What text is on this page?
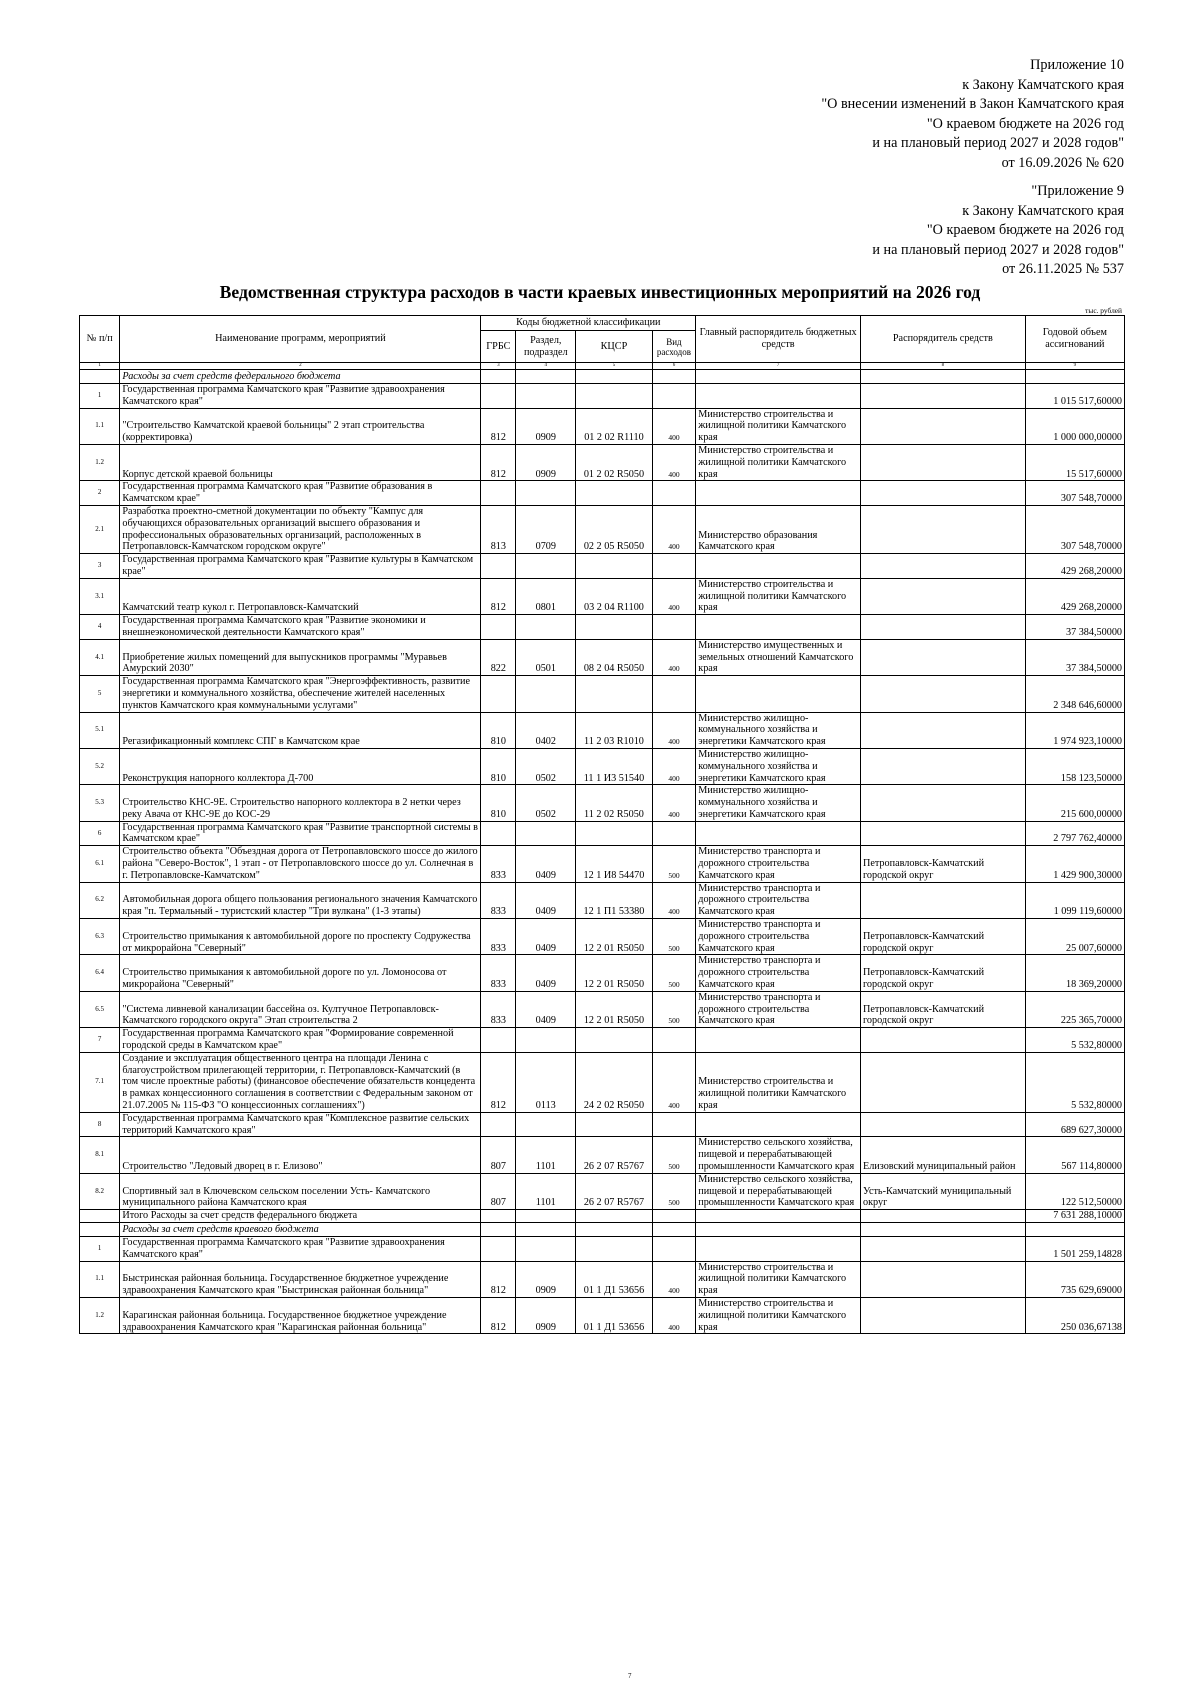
Приложение 10
к Закону Камчатского края
"О внесении изменений в Закон Камчатского края
"О краевом бюджете на 2026 год
и на плановый период 2027 и 2028 годов"
от 16.09.2026 № 620
"Приложение 9
к Закону Камчатского края
"О краевом бюджете на 2026 год
и на плановый период 2027 и 2028 годов"
от 26.11.2025 № 537
Ведомственная структура расходов в части краевых инвестиционных мероприятий на 2026 год
тыс. рублей
№ п/п	Наименование программ, мероприятий	Коды бюджетной классификации				Главный распорядитель бюджетных средств	Распорядитель средств	Годовой объем ассигнований
		ГРБС	Раздел, подраздел	КЦСР	Вид расходов			
1	2	3	4	5	6	7	8	9
	Расходы за счет средств федерального бюджета							
1	Государственная программа Камчатского края "Развитие здравоохранения Камчатского края"							1 015 517,60000
1.1	"Строительство Камчатской краевой больницы" 2 этап строительства (корректировка)	812	0909	01 2 02 R1110	400	Министерство строительства и жилищной политики Камчатского края		1 000 000,00000
1.2	Корпус детской краевой больницы	812	0909	01 2 02 R5050	400	Министерство строительства и жилищной политики Камчатского края		15 517,60000
2	Государственная программа Камчатского края "Развитие образования в Камчатском крае"							307 548,70000
2.1	Разработка проектно-сметной документации по объекту "Кампус для обучающихся образовательных организаций высшего образования и профессиональных образовательных организаций, расположенных в Петропавловск-Камчатском городском округе"	813	0709	02 2 05 R5050	400	Министерство образования Камчатского края		307 548,70000
3	Государственная программа Камчатского края "Развитие культуры в Камчатском крае"							429 268,20000
3.1	Камчатский театр кукол г. Петропавловск-Камчатский	812	0801	03 2 04 R1100	400	Министерство строительства и жилищной политики Камчатского края		429 268,20000
4	Государственная программа Камчатского края "Развитие экономики и внешнеэкономической деятельности Камчатского края"							37 384,50000
4.1	Приобретение жилых помещений для выпускников программы "Муравьев Амурский 2030"	822	0501	08 2 04 R5050	400	Министерство имущественных и земельных отношений Камчатского края		37 384,50000
5	Государственная программа Камчатского края "Энергоэффективность, развитие энергетики и коммунального хозяйства, обеспечение жителей населенных пунктов Камчатского края коммунальными услугами"							2 348 646,60000
5.1	Регазификационный комплекс СПГ в Камчатском крае	810	0402	11 2 03 R1010	400	Министерство жилищно-коммунального хозяйства и энергетики Камчатского края		1 974 923,10000
5.2	Реконструкция напорного коллектора Д-700	810	0502	11 1 И3 51540	400	Министерство жилищно-коммунального хозяйства и энергетики Камчатского края		158 123,50000
5.3	Строительство КНС-9Е. Строительство напорного коллектора в 2 нетки через реку Авача от КНС-9Е до КОС-29	810	0502	11 2 02 R5050	400	Министерство жилищно-коммунального хозяйства и энергетики Камчатского края		215 600,00000
6	Государственная программа Камчатского края "Развитие транспортной системы в Камчатском крае"							2 797 762,40000
6.1	Строительство объекта "Объездная дорога от Петропавловского шоссе до жилого района "Северо-Восток", 1 этап - от Петропавловского шоссе до ул. Солнечная в г. Петропавловске-Камчатском"	833	0409	12 1 И8 54470	500	Министерство транспорта и дорожного строительства Камчатского края	Петропавловск-Камчатский городской округ	1 429 900,30000
6.2	Автомобильная дорога общего пользования регионального значения Камчатского края "п. Термальный - туристский кластер "Три вулкана" (1-3 этапы)	833	0409	12 1 П1 53380	400	Министерство транспорта и дорожного строительства Камчатского края		1 099 119,60000
6.3	Строительство примыкания к автомобильной дороге по проспекту Содружества от микрорайона "Северный"	833	0409	12 2 01 R5050	500	Министерство транспорта и дорожного строительства Камчатского края	Петропавловск-Камчатский городской округ	25 007,60000
6.4	Строительство примыкания к автомобильной дороге по ул. Ломоносова от микрорайона "Северный"	833	0409	12 2 01 R5050	500	Министерство транспорта и дорожного строительства Камчатского края	Петропавловск-Камчатский городской округ	18 369,20000
6.5	"Система ливневой канализации бассейна оз. Култучное Петропавловск-Камчатского городского округа" Этап строительства 2	833	0409	12 2 01 R5050	500	Министерство транспорта и дорожного строительства Камчатского края	Петропавловск-Камчатский городской округ	225 365,70000
7	Государственная программа Камчатского края "Формирование современной городской среды в Камчатском крае"							5 532,80000
7.1	Создание и эксплуатация общественного центра на площади Ленина с благоустройством прилегающей территории, г. Петропавловск-Камчатский (в том числе проектные работы) (финансовое обеспечение обязательств концедента в рамках концессионного соглашения в соответствии с Федеральным законом от 21.07.2005 № 115-ФЗ "О концессионных соглашениях")	812	0113	24 2 02 R5050	400	Министерство строительства и жилищной политики Камчатского края		5 532,80000
8	Государственная программа Камчатского края "Комплексное развитие сельских территорий Камчатского края"							689 627,30000
8.1	Строительство "Ледовый дворец в г. Елизово"	807	1101	26 2 07 R5767	500	Министерство сельского хозяйства, пищевой и перерабатывающей промышленности Камчатского края	Елизовский муниципальный район	567 114,80000
8.2	Спортивный зал в Ключевском сельском поселении Усть- Камчатского муниципального района Камчатского края	807	1101	26 2 07 R5767	500	Министерство сельского хозяйства, пищевой и перерабатывающей промышленности Камчатского края	Усть-Камчатский муниципальный округ	122 512,50000
	Итого Расходы за счет средств федерального бюджета							7 631 288,10000
	Расходы за счет средств краевого бюджета							
1	Государственная программа Камчатского края "Развитие здравоохранения Камчатского края"							1 501 259,14828
1.1	Быстринская районная больница. Государственное бюджетное учреждение здравоохранения Камчатского края "Быстринская районная больница"	812	0909	01 1 Д1 53656	400	Министерство строительства и жилищной политики Камчатского края		735 629,69000
1.2	Карагинская районная больница. Государственное бюджетное учреждение здравоохранения Камчатского края "Карагинская районная больница"	812	0909	01 1 Д1 53656	400	Министерство строительства и жилищной политики Камчатского края		250 036,67138
7
